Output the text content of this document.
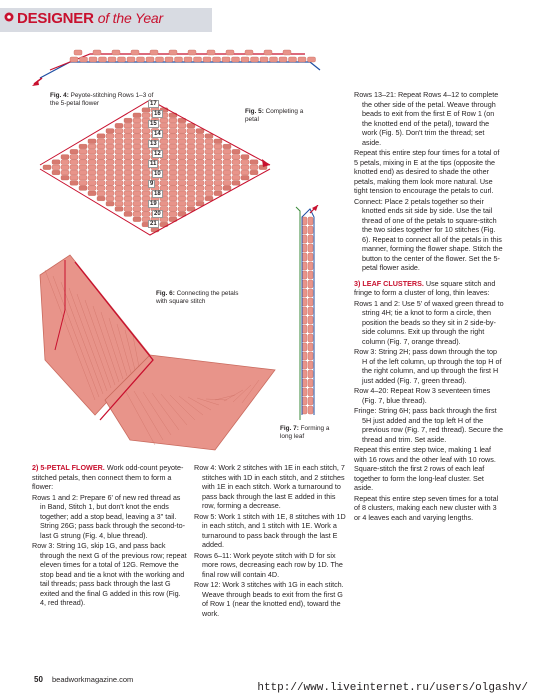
DESIGNER of the Year
Fig. 4: Peyote-stitching Rows 1–3 of the 5-petal flower
Fig. 5: Completing a petal
17
16
15
14
13
12
11
10
9
18
19
20
21
Fig. 6: Connecting the petals with square stitch
Fig. 7: Forming a long leaf

2) 5-PETAL FLOWER. Work odd-count peyote-stitched petals, then connect them to form a flower:

Rows 1 and 2: Prepare 6' of new red thread as in Band, Stitch 1, but don't knot the ends together; add a stop bead, leaving a 3" tail. String 26G; pass back through the second-to-last G strung (Fig. 4, blue thread).

Row 3: String 1G, skip 1G, and pass back through the next G of the previous row; repeat eleven times for a total of 12G. Remove the stop bead and tie a knot with the working and tail threads; pass back through the last G exited and the final G added in this row (Fig. 4, red thread).

Row 4: Work 2 stitches with 1E in each stitch, 7 stitches with 1D in each stitch, and 2 stitches with 1E in each stitch. Work a turnaround to pass back through the last E added in this row, forming a decrease.

Row 5: Work 1 stitch with 1E, 8 stitches with 1D in each stitch, and 1 stitch with 1E. Work a turnaround to pass back through the last E added.

Rows 6–11: Work peyote stitch with D for six more rows, decreasing each row by 1D. The final row will contain 4D.

Row 12: Work 3 stitches with 1G in each stitch. Weave through beads to exit from the first G of Row 1 (near the knotted end), toward the work.

Rows 13–21: Repeat Rows 4–12 to complete the other side of the petal. Weave through beads to exit from the first E of Row 1 (on the knotted end of the petal), toward the work (Fig. 5). Don't trim the thread; set aside.

Repeat this entire step four times for a total of 5 petals, mixing in E at the tips (opposite the knotted end) as desired to shade the other petals, making them look more natural. Use tight tension to encourage the petals to curl.

Connect: Place 2 petals together so their knotted ends sit side by side. Use the tail thread of one of the petals to square-stitch the two sides together for 10 stitches (Fig. 6). Repeat to connect all of the petals in this manner, forming the flower shape. Stitch the button to the center of the flower. Set the 5-petal flower aside.

3) LEAF CLUSTERS. Use square stitch and fringe to form a cluster of long, thin leaves:

Rows 1 and 2: Use 5' of waxed green thread to string 4H; tie a knot to form a circle, then position the beads so they sit in 2 side-by-side columns. Exit up through the right column (Fig. 7, orange thread).

Row 3: String 2H; pass down through the top H of the left column, up through the top H of the right column, and up through the first H just added (Fig. 7, green thread).

Row 4–20: Repeat Row 3 seventeen times (Fig. 7, blue thread).

Fringe: String 6H; pass back through the first 5H just added and the top left H of the previous row (Fig. 7, red thread). Secure the thread and trim. Set aside.

Repeat this entire step twice, making 1 leaf with 16 rows and the other leaf with 10 rows. Square-stitch the first 2 rows of each leaf together to form the long-leaf cluster. Set aside.

Repeat this entire step seven times for a total of 8 clusters, making each new cluster with 3 or 4 leaves each and varying lengths.

50 beadworkmagazine.com
http://www.liveinternet.ru/users/olgashv/
